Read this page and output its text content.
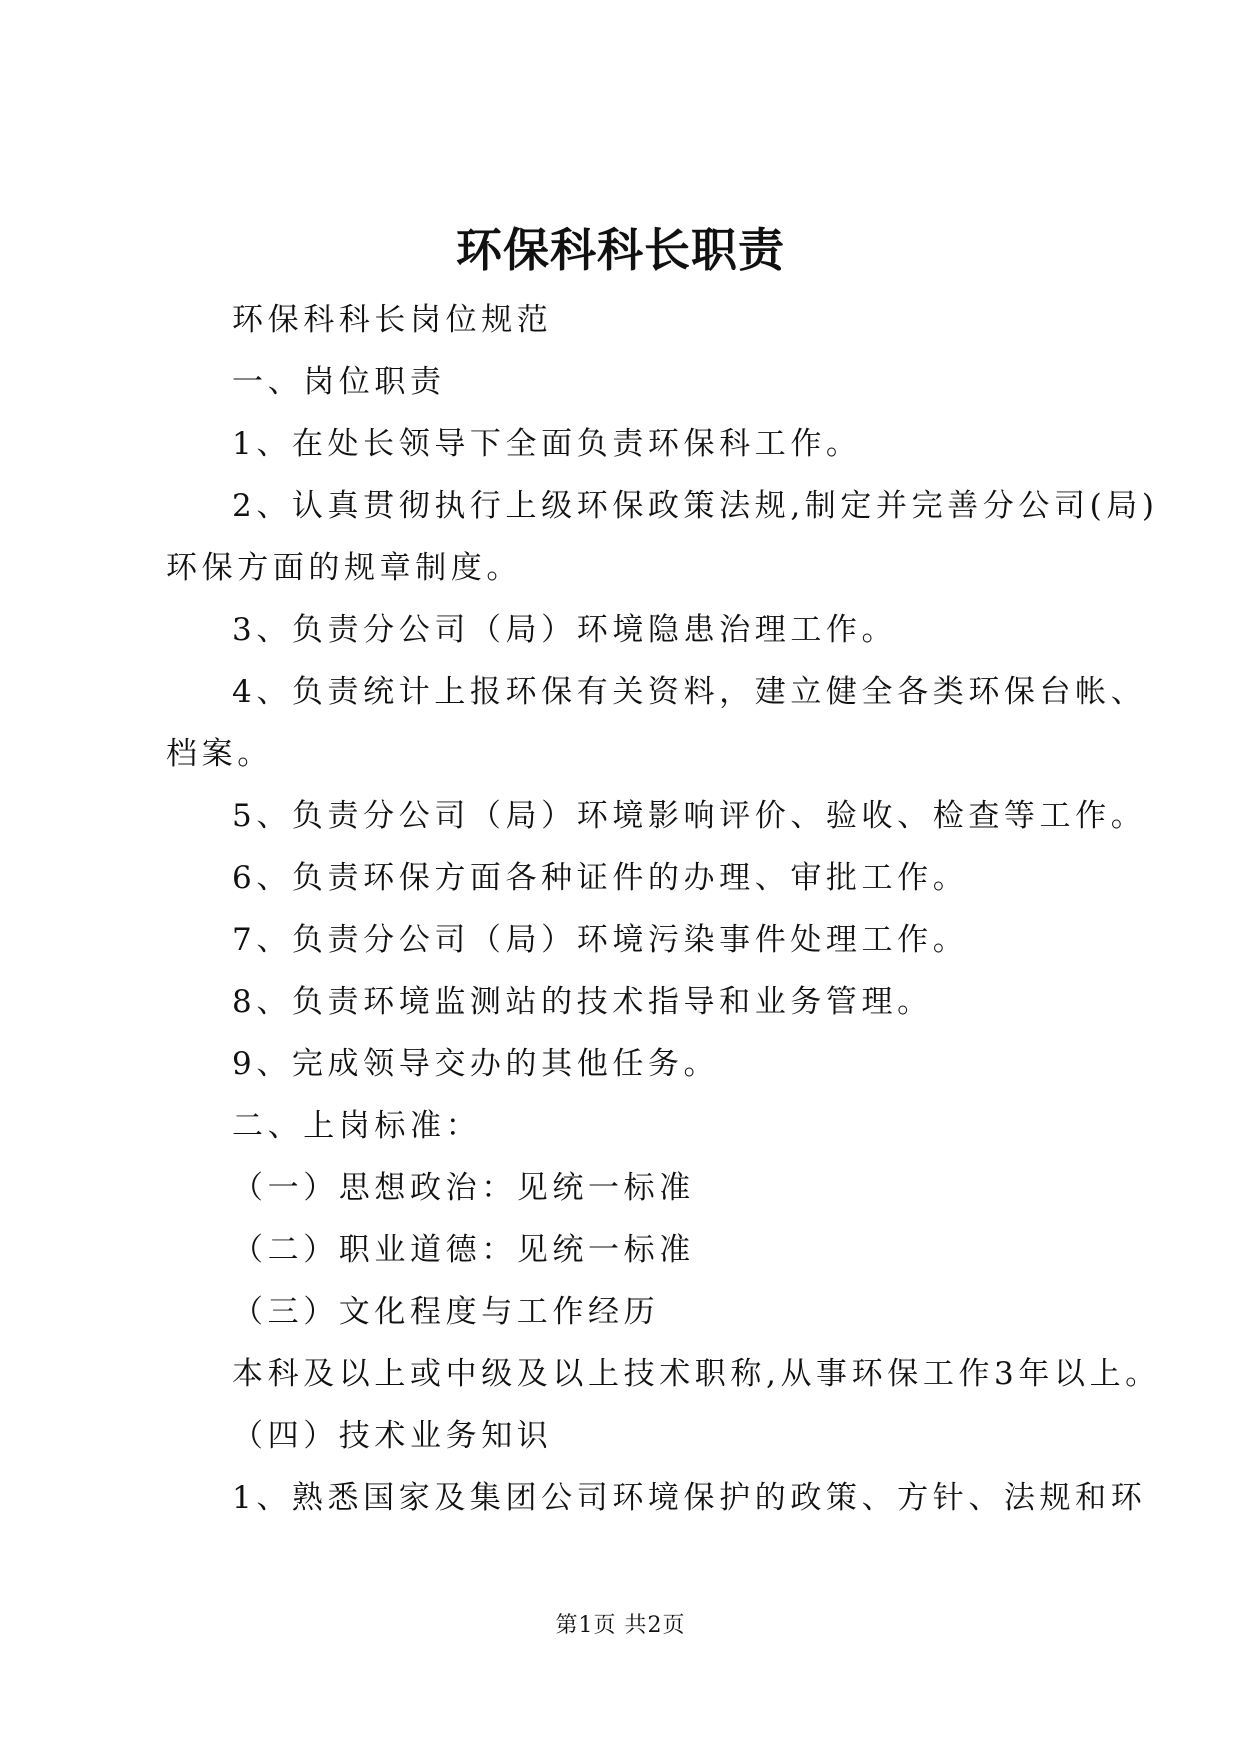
环保科科长职责
环保科科长岗位规范
一、岗位职责
1、在处长领导下全面负责环保科工作。
2、认真贯彻执行上级环保政策法规,制定并完善分公司(局)
环保方面的规章制度。
3、负责分公司（局）环境隐患治理工作。
4、负责统计上报环保有关资料，建立健全各类环保台帐、
档案。
5、负责分公司（局）环境影响评价、验收、检查等工作。
6、负责环保方面各种证件的办理、审批工作。
7、负责分公司（局）环境污染事件处理工作。
8、负责环境监测站的技术指导和业务管理。
9、完成领导交办的其他任务。
二、上岗标准：
（一）思想政治：见统一标准
（二）职业道德：见统一标准
（三）文化程度与工作经历
本科及以上或中级及以上技术职称,从事环保工作3年以上。
（四）技术业务知识
1、熟悉国家及集团公司环境保护的政策、方针、法规和环
第1页 共2页
